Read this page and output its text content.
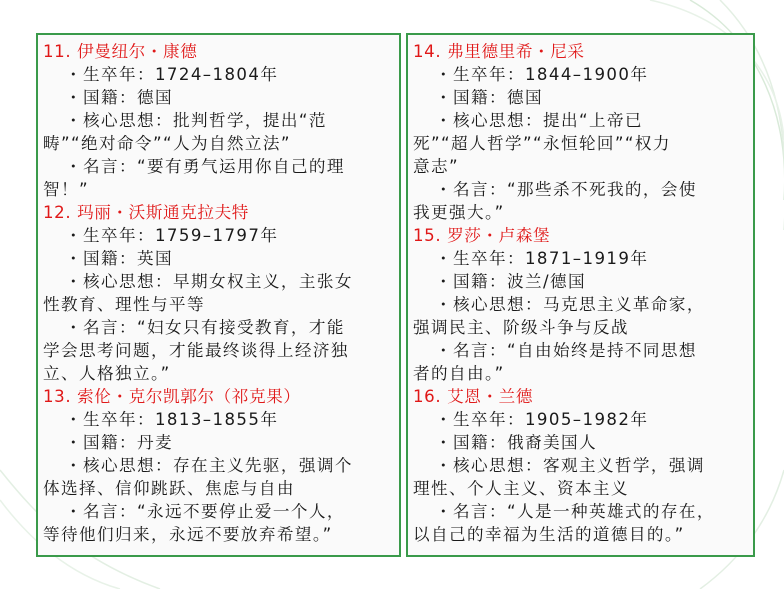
11. 伊曼纽尔・康德
・生卒年：1724–1804年
・国籍：德国
・核心思想：批判哲学，提出“范
畴”“绝对命令”“人为自然立法”
・名言：“要有勇气运用你自己的理
智！”
12. 玛丽・沃斯通克拉夫特
・生卒年：1759–1797年
・国籍：英国
・核心思想：早期女权主义，主张女
性教育、理性与平等
・名言：“妇女只有接受教育，才能
学会思考问题，才能最终谈得上经济独
立、人格独立。”
13. 索伦・克尔凯郭尔（祁克果）
・生卒年：1813–1855年
・国籍：丹麦
・核心思想：存在主义先驱，强调个
体选择、信仰跳跃、焦虑与自由
・名言：“永远不要停止爱一个人，
等待他们归来，永远不要放弃希望。”
14. 弗里德里希・尼采
・生卒年：1844–1900年
・国籍：德国
・核心思想：提出“上帝已
死”“超人哲学”“永恒轮回”“权力
意志”
・名言：“那些杀不死我的，会使
我更强大。”
15. 罗莎・卢森堡
・生卒年：1871–1919年
・国籍：波兰/德国
・核心思想：马克思主义革命家，
强调民主、阶级斗争与反战
・名言：“自由始终是持不同思想
者的自由。”
16. 艾恩・兰德
・生卒年：1905–1982年
・国籍：俄裔美国人
・核心思想：客观主义哲学，强调
理性、个人主义、资本主义
・名言：“人是一种英雄式的存在，
以自己的幸福为生活的道德目的。”
